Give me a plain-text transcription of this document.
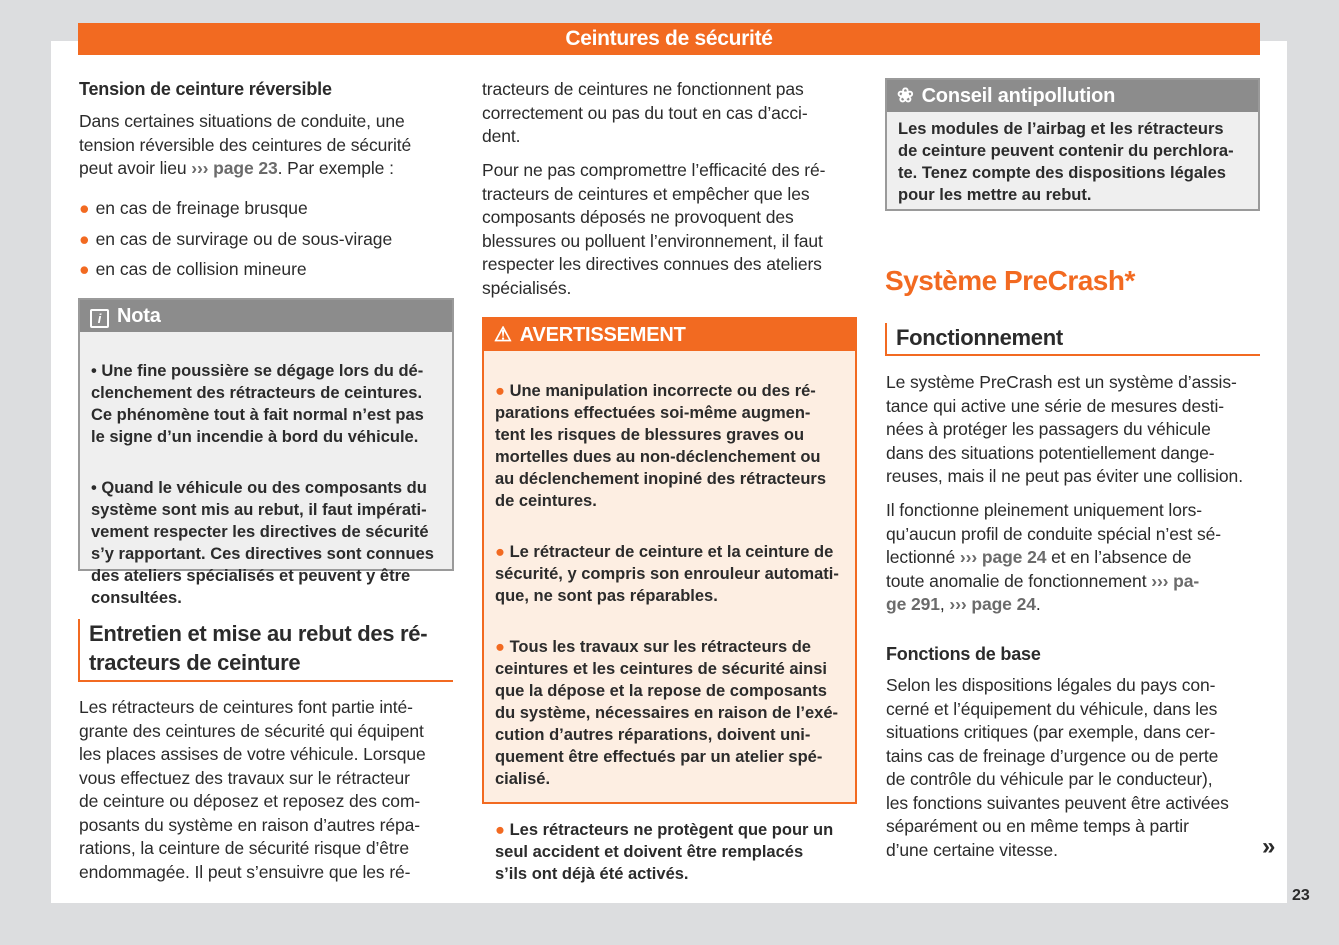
Ceintures de sécurité
Tension de ceinture réversible

Dans certaines situations de conduite, une
tension réversible des ceintures de sécurité
peut avoir lieu ››› page 23. Par exemple :

● en cas de freinage brusque
● en cas de survirage ou de sous-virage
● en cas de collision mineure
i Nota

• Une fine poussière se dégage lors du dé-
clenchement des rétracteurs de ceintures.
Ce phénomène tout à fait normal n’est pas
le signe d’un incendie à bord du véhicule.

• Quand le véhicule ou des composants du
système sont mis au rebut, il faut impérati-
vement respecter les directives de sécurité
s’y rapportant. Ces directives sont connues
des ateliers spécialisés et peuvent y être
consultées.

Entretien et mise au rebut des ré-
tracteurs de ceinture

Les rétracteurs de ceintures font partie inté-
grante des ceintures de sécurité qui équipent
les places assises de votre véhicule. Lorsque
vous effectuez des travaux sur le rétracteur
de ceinture ou déposez et reposez des com-
posants du système en raison d’autres répa-
rations, la ceinture de sécurité risque d’être
endommagée. Il peut s’ensuivre que les ré-

tracteurs de ceintures ne fonctionnent pas
correctement ou pas du tout en cas d’acci-
dent.

Pour ne pas compromettre l’efficacité des ré-
tracteurs de ceintures et empêcher que les
composants déposés ne provoquent des
blessures ou polluent l’environnement, il faut
respecter les directives connues des ateliers
spécialisés.

⚠ AVERTISSEMENT

● Une manipulation incorrecte ou des ré-
parations effectuées soi-même augmen-
tent les risques de blessures graves ou
mortelles dues au non-déclenchement ou
au déclenchement inopiné des rétracteurs
de ceintures.

● Le rétracteur de ceinture et la ceinture de
sécurité, y compris son enrouleur automati-
que, ne sont pas réparables.

● Tous les travaux sur les rétracteurs de
ceintures et les ceintures de sécurité ainsi
que la dépose et la repose de composants
du système, nécessaires en raison de l’exé-
cution d’autres réparations, doivent uni-
quement être effectués par un atelier spé-
cialisé.

● Les rétracteurs ne protègent que pour un
seul accident et doivent être remplacés
s’ils ont déjà été activés.

❀ Conseil antipollution
Les modules de l’airbag et les rétracteurs
de ceinture peuvent contenir du perchlora-
te. Tenez compte des dispositions légales
pour les mettre au rebut.
Système PreCrash*
Fonctionnement

Le système PreCrash est un système d’assis-
tance qui active une série de mesures desti-
nées à protéger les passagers du véhicule
dans des situations potentiellement dange-
reuses, mais il ne peut pas éviter une collision.

Il fonctionne pleinement uniquement lors-
qu’aucun profil de conduite spécial n’est sé-
lectionné ››› page 24 et en l’absence de
toute anomalie de fonctionnement ››› pa-
ge 291, ››› page 24.

Fonctions de base

Selon les dispositions légales du pays con-
cerné et l’équipement du véhicule, dans les
situations critiques (par exemple, dans cer-
tains cas de freinage d’urgence ou de perte
de contrôle du véhicule par le conducteur),
les fonctions suivantes peuvent être activées
séparément ou en même temps à partir
d’une certaine vitesse.	»
23
